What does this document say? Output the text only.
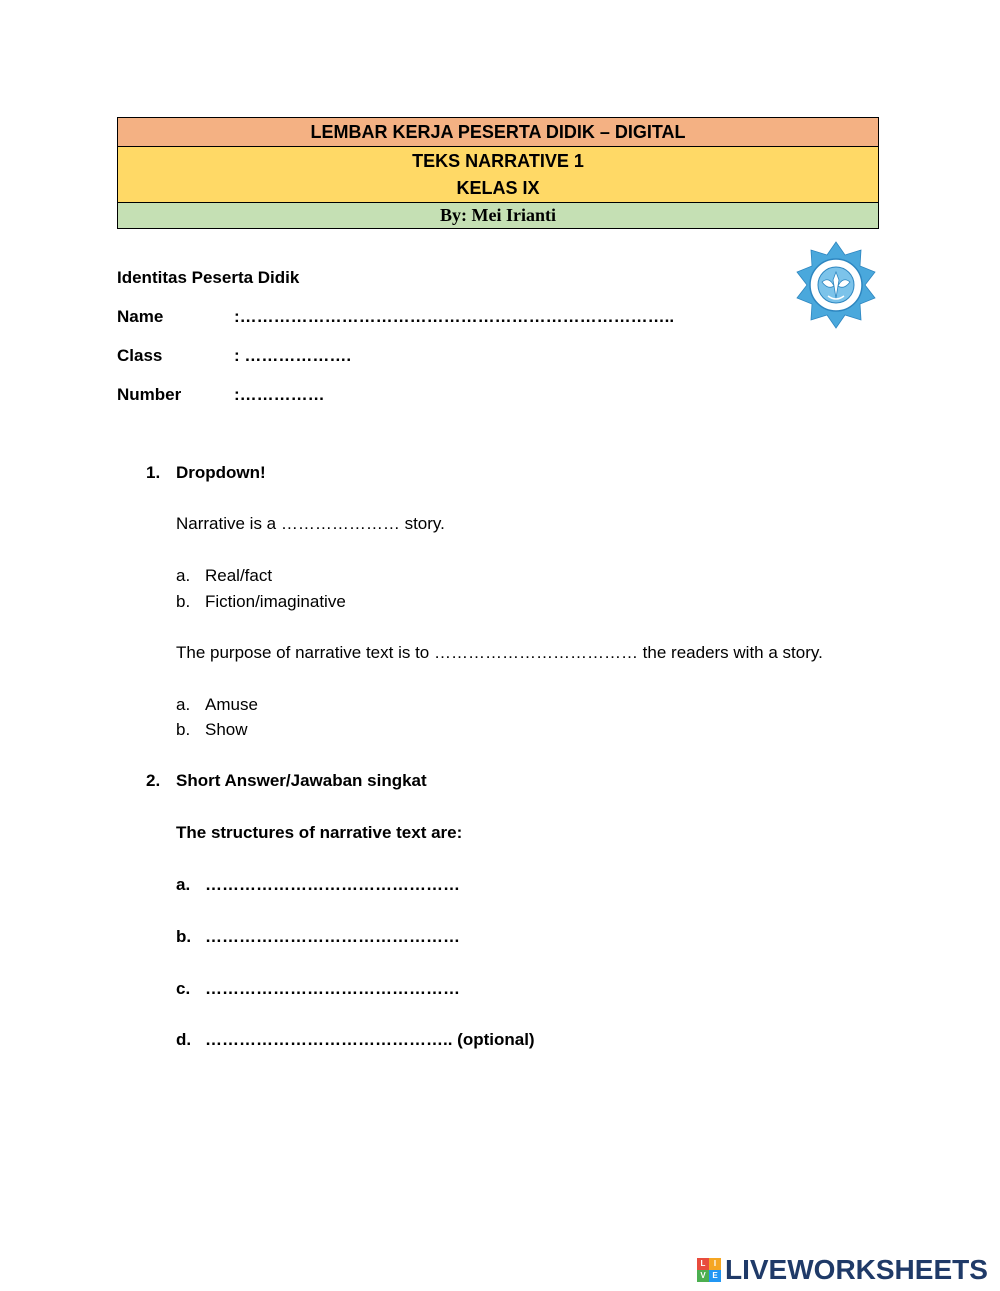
LEMBAR KERJA PESERTA DIDIK – DIGITAL
TEKS NARRATIVE 1
KELAS IX
By: Mei Irianti
Identitas Peserta Didik
Name	:…………………………………………………………………..
Class	: ……………….
Number	:……………
1. Dropdown!
Narrative is a ………………… story.
a. Real/fact
b. Fiction/imaginative
The purpose of narrative text is to ……………………………… the readers with a story.
a. Amuse
b. Show
2. Short Answer/Jawaban singkat
The structures of narrative text are:
a. ………………………………………
b. ………………………………………
c. ………………………………………
d. …………………………………….. (optional)
L	I
V E LIVEWORKSHEETS
